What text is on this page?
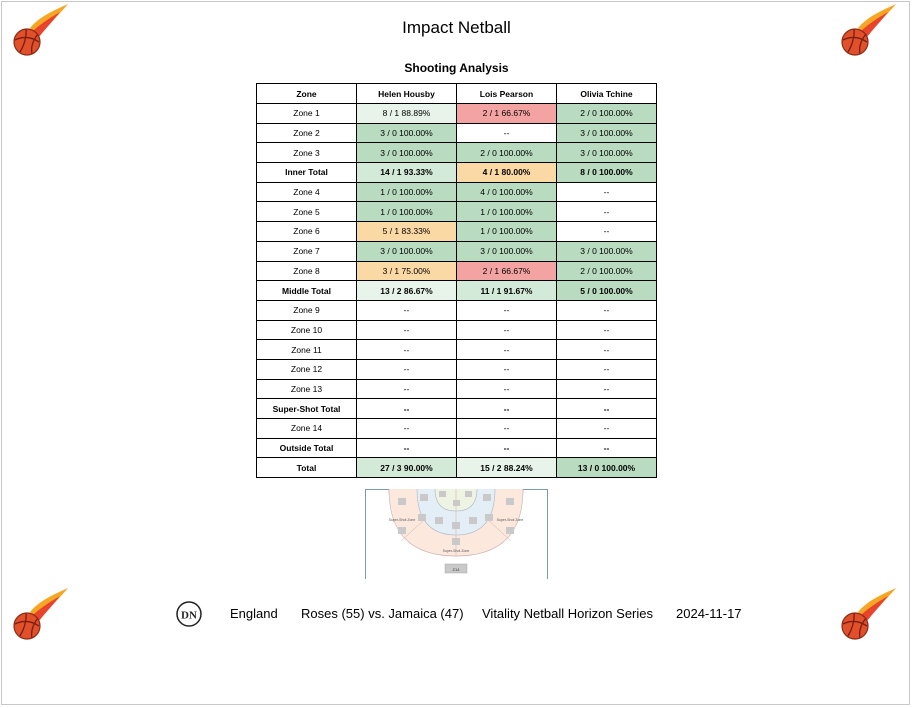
Impact Netball
Shooting Analysis
Zone	Helen Housby	Lois Pearson	Olivia Tchine
Zone 1	8 / 1 88.89%	2 / 1 66.67%	2 / 0 100.00%
Zone 2	3 / 0 100.00%	--	3 / 0 100.00%
Zone 3	3 / 0 100.00%	2 / 0 100.00%	3 / 0 100.00%
Inner Total	14 / 1 93.33%	4 / 1 80.00%	8 / 0 100.00%
Zone 4	1 / 0 100.00%	4 / 0 100.00%	--
Zone 5	1 / 0 100.00%	1 / 0 100.00%	--
Zone 6	5 / 1 83.33%	1 / 0 100.00%	--
Zone 7	3 / 0 100.00%	3 / 0 100.00%	3 / 0 100.00%
Zone 8	3 / 1 75.00%	2 / 1 66.67%	2 / 0 100.00%
Middle Total	13 / 2 86.67%	11 / 1 91.67%	5 / 0 100.00%
Zone 9	--	--	--
Zone 10	--	--	--
Zone 11	--	--	--
Zone 12	--	--	--
Zone 13	--	--	--
Super-Shot Total	--	--	--
Zone 14	--	--	--
Outside Total	--	--	--
Total	27 / 3 90.00%	15 / 2 88.24%	13 / 0 100.00%
Z14
Super-Shot Zone	Super-Shot Zone
Super-Shot Zone
DN	England Roses (55) vs. Jamaica (47) Vitality Netball Horizon Series 2024-11-17
